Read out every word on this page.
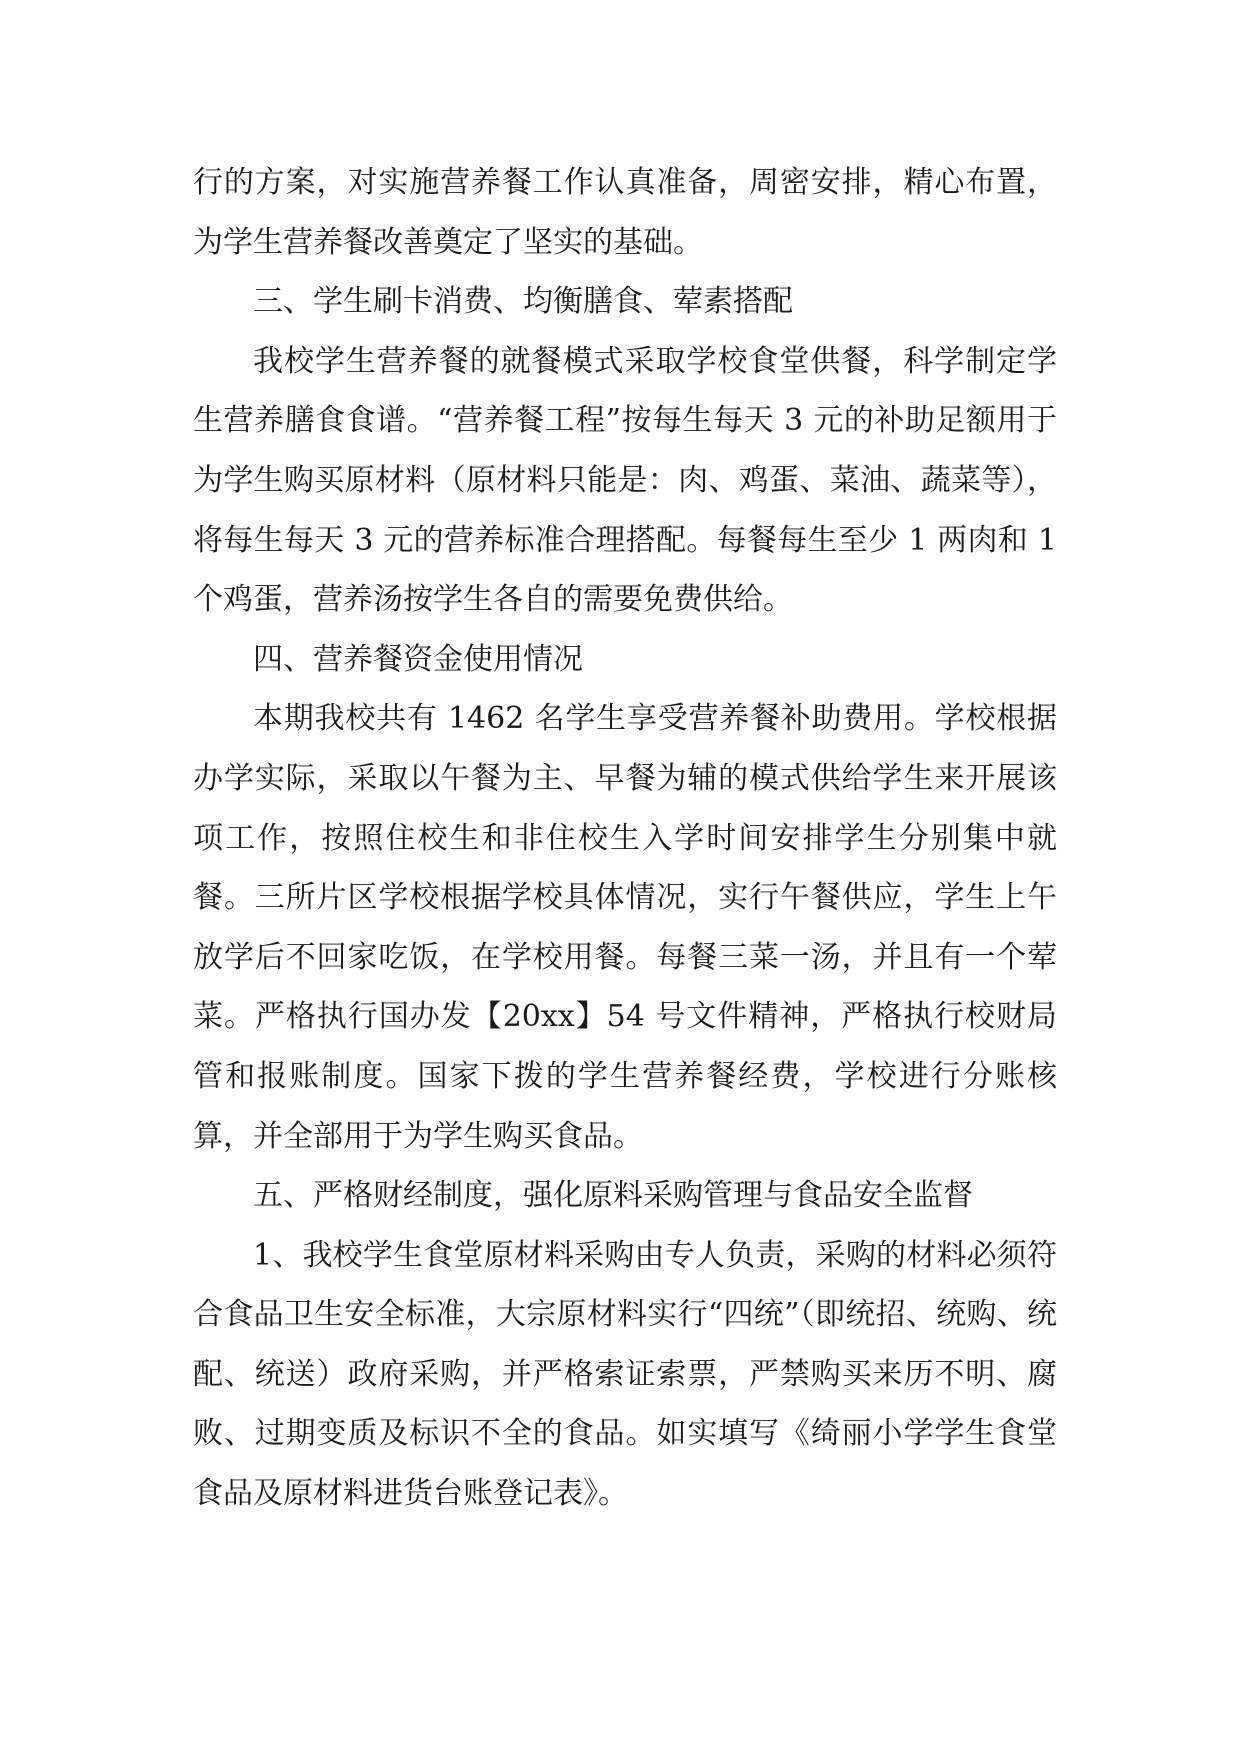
行的方案，对实施营养餐工作认真准备，周密安排，精心布置，为学生营养餐改善奠定了坚实的基础。

三、学生刷卡消费、均衡膳食、荤素搭配

我校学生营养餐的就餐模式采取学校食堂供餐，科学制定学生营养膳食食谱。“营养餐工程”按每生每天 3 元的补助足额用于为学生购买原材料（原材料只能是：肉、鸡蛋、菜油、蔬菜等），将每生每天 3 元的营养标准合理搭配。每餐每生至少 1 两肉和 1 个鸡蛋，营养汤按学生各自的需要免费供给。

四、营养餐资金使用情况

本期我校共有 1462 名学生享受营养餐补助费用。学校根据办学实际，采取以午餐为主、早餐为辅的模式供给学生来开展该项工作，按照住校生和非住校生入学时间安排学生分别集中就餐。三所片区学校根据学校具体情况，实行午餐供应，学生上午放学后不回家吃饭，在学校用餐。每餐三菜一汤，并且有一个荤菜。严格执行国办发【20xx】54 号文件精神，严格执行校财局管和报账制度。国家下拨的学生营养餐经费，学校进行分账核算，并全部用于为学生购买食品。

五、严格财经制度，强化原料采购管理与食品安全监督

1、我校学生食堂原材料采购由专人负责，采购的材料必须符合食品卫生安全标准，大宗原材料实行“四统”（即统招、统购、统配、统送）政府采购，并严格索证索票，严禁购买来历不明、腐败、过期变质及标识不全的食品。如实填写《绮丽小学学生食堂食品及原材料进货台账登记表》。
